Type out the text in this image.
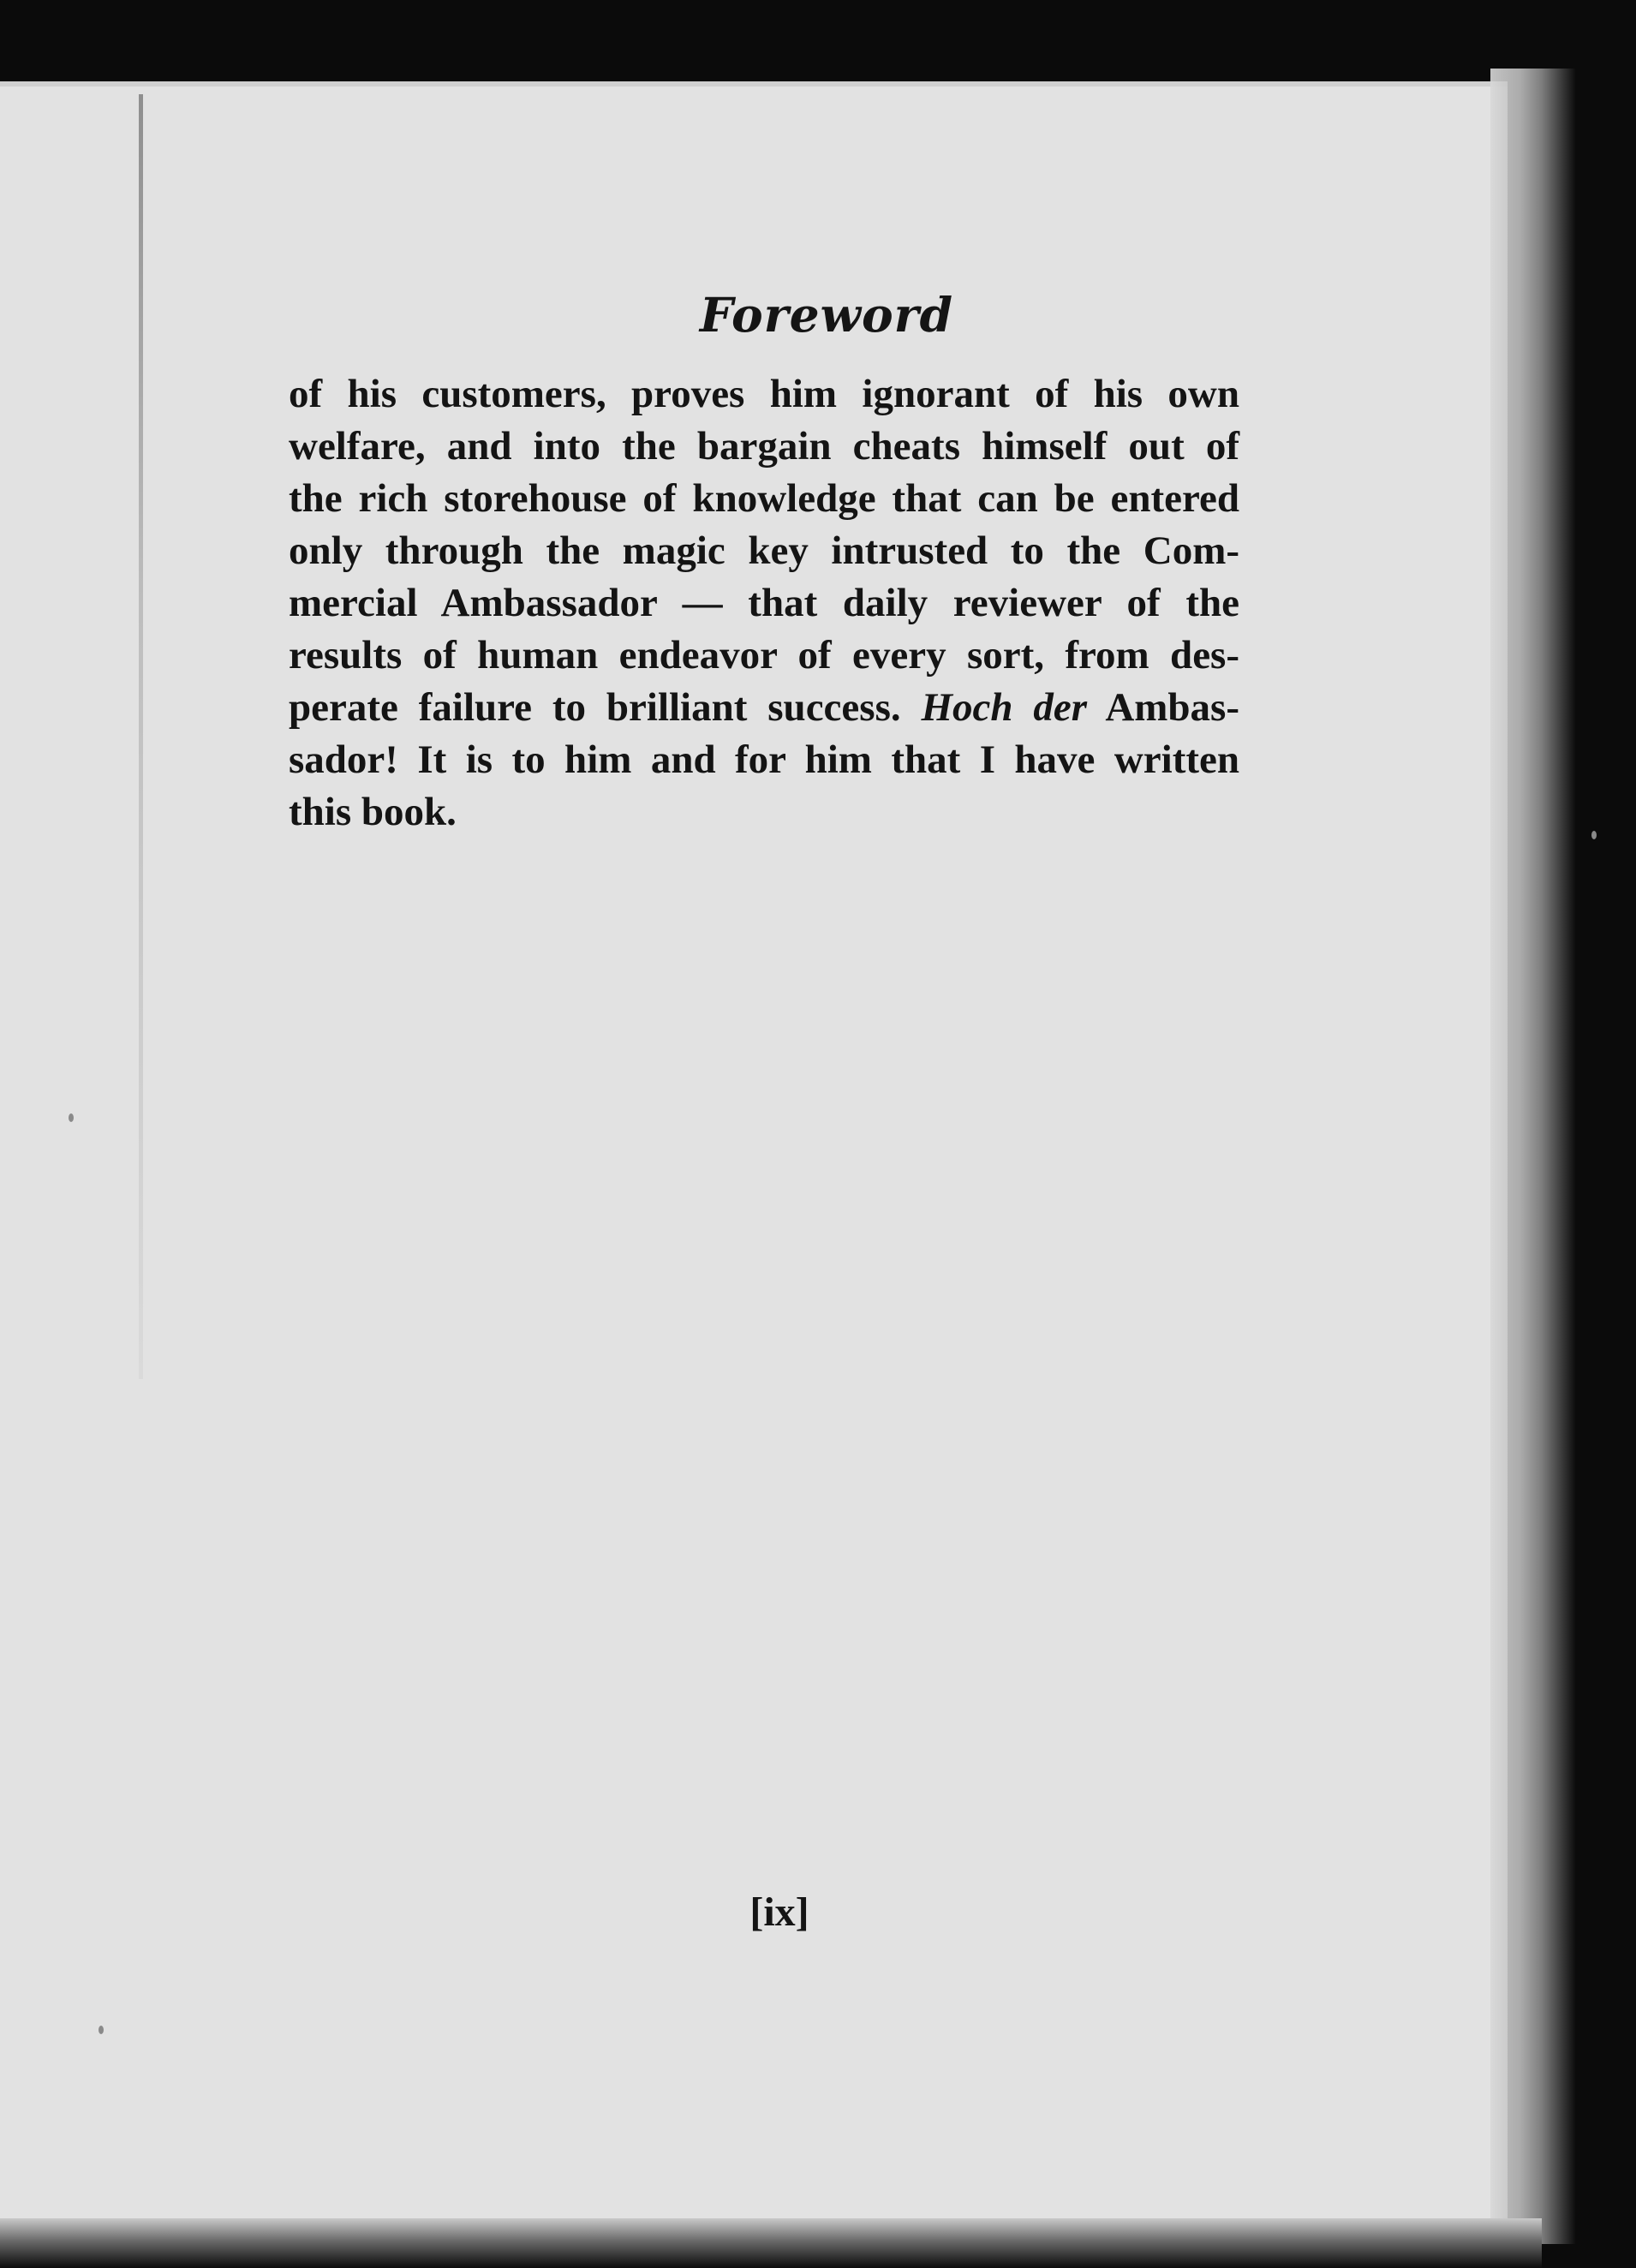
Foreword
of his customers, proves him ignorant of his own
welfare, and into the bargain cheats himself out of
the rich storehouse of knowledge that can be entered
only through the magic key intrusted to the Com-
mercial Ambassador — that daily reviewer of the
results of human endeavor of every sort, from des-
perate failure to brilliant success. Hoch der Ambas-
sador! It is to him and for him that I have written
this book.
[ix]
